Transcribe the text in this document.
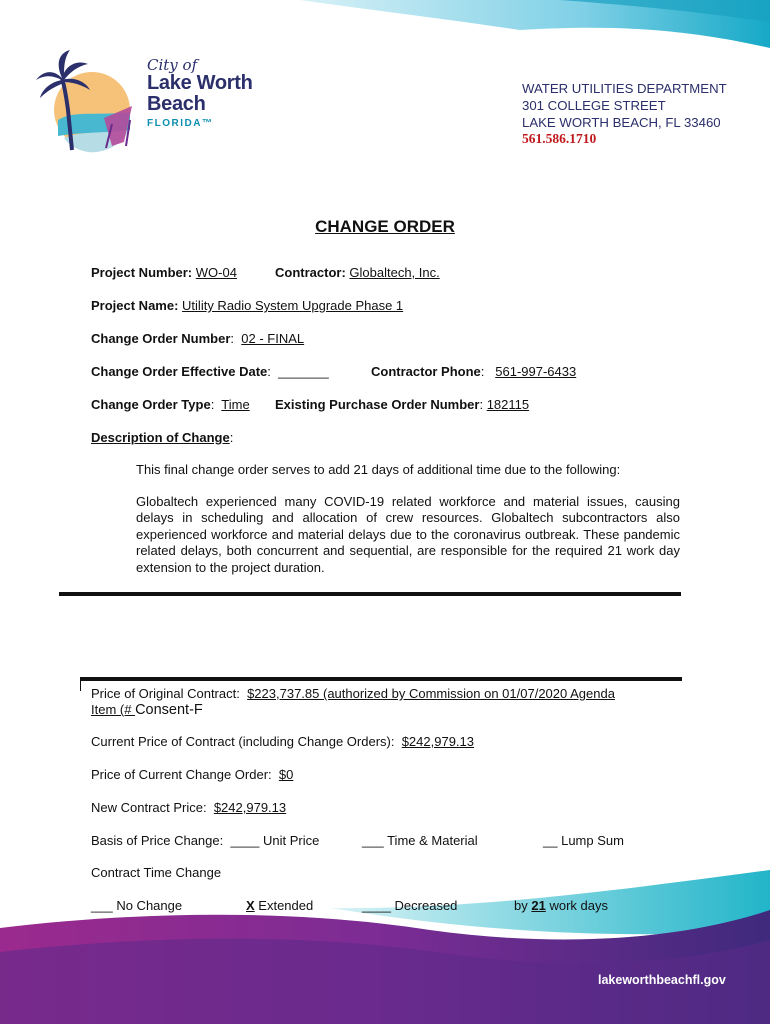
City of
Lake Worth
Beach
FLORIDA™
WATER UTILITIES DEPARTMENT
301 COLLEGE STREET
LAKE WORTH BEACH, FL 33460
561.586.1710
CHANGE ORDER
Project Number: WO-04	Contractor: Globaltech, Inc.
Project Name: Utility Radio System Upgrade Phase 1
Change Order Number:  02 - FINAL
Change Order Effective Date:  _______	Contractor Phone:   561-997-6433
Change Order Type:  Time Existing Purchase Order Number: 182115
Description of Change:
This final change order serves to add 21 days of additional time due to the following:
Globaltech experienced many COVID-19 related workforce and material issues, causing delays in scheduling and allocation of crew resources. Globaltech subcontractors also experienced workforce and material delays due to the coronavirus outbreak. These pandemic related delays, both concurrent and sequential, are responsible for the required 21 work day extension to the project duration.
Price of Original Contract: $223,737.85 (authorized by Commission on 01/07/2020 Agenda
Item (# Consent-F
Current Price of Contract (including Change Orders): $242,979.13
Price of Current Change Order: $0
New Contract Price: $242,979.13
Basis of Price Change: ____ Unit Price	___ Time & Material	__ Lump Sum
Contract Time Change
___ No Change	X Extended	____ Decreased	by 21 work days
lakeworthbeachfl.gov
